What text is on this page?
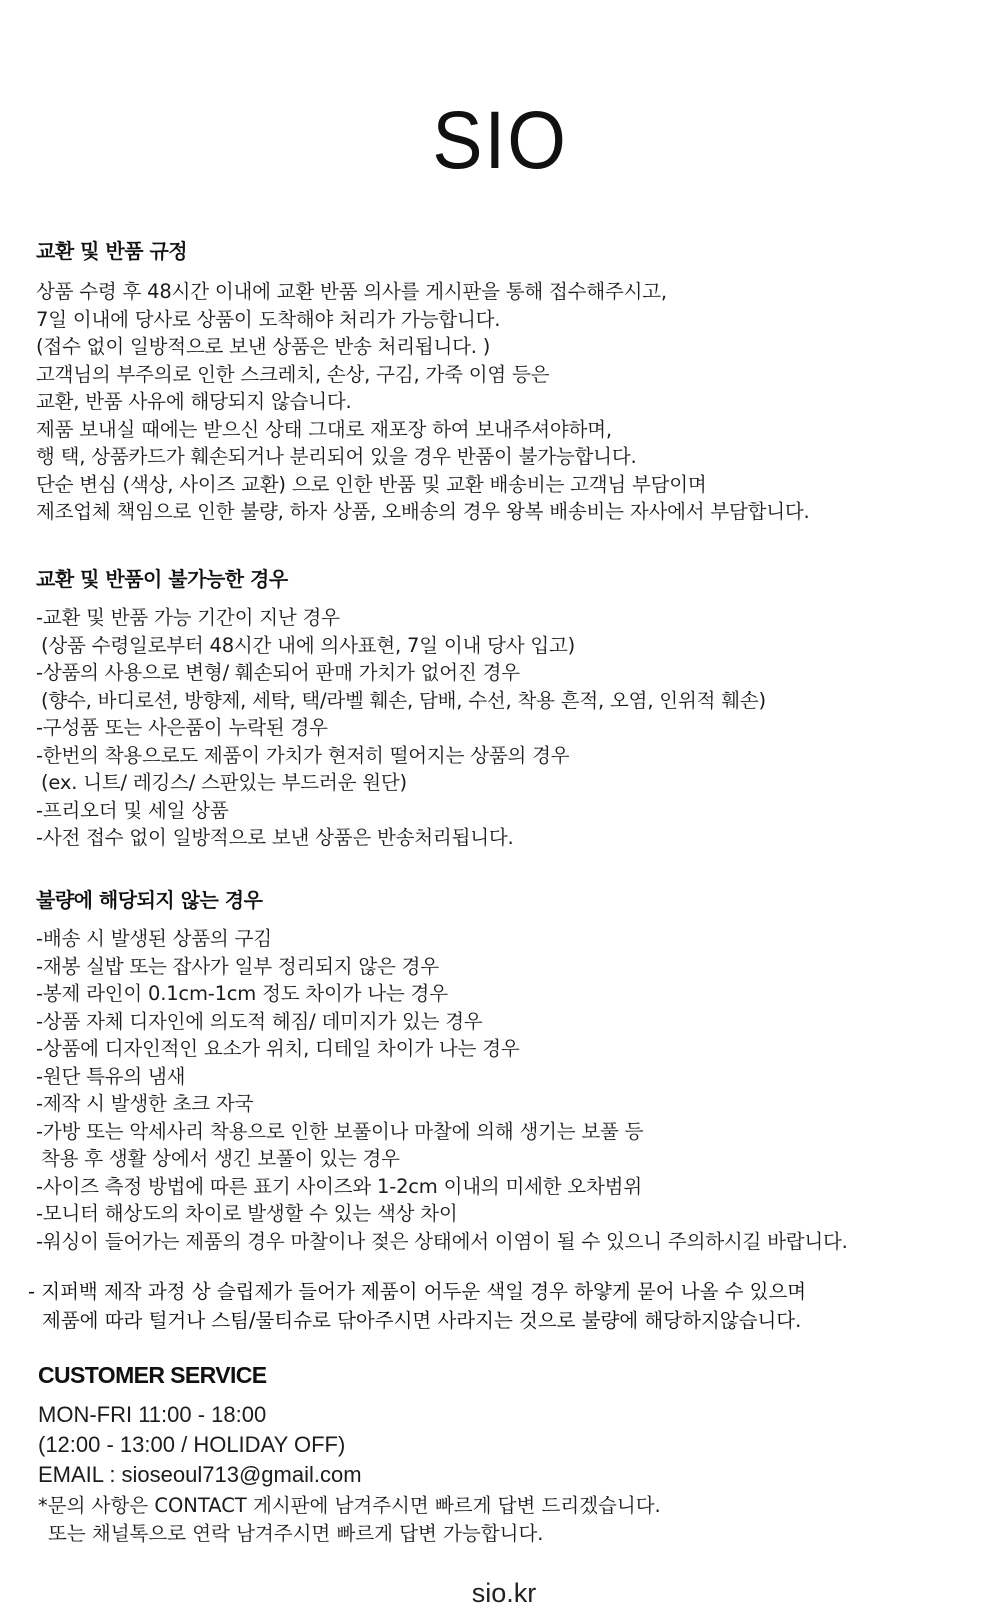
SIO
교환 및 반품 규정
상품 수령 후 48시간 이내에 교환 반품 의사를 게시판을 통해 접수해주시고,
7일 이내에 당사로 상품이 도착해야 처리가 가능합니다.
(접수 없이 일방적으로 보낸 상품은 반송 처리됩니다. )
고객님의 부주의로 인한 스크레치, 손상, 구김, 가죽 이염 등은
교환, 반품 사유에 해당되지 않습니다.
제품 보내실 때에는 받으신 상태 그대로 재포장 하여 보내주셔야하며,
행 택, 상품카드가 훼손되거나 분리되어 있을 경우 반품이 불가능합니다.
단순 변심 (색상, 사이즈 교환) 으로 인한 반품 및 교환 배송비는 고객님 부담이며
제조업체 책임으로 인한 불량, 하자 상품, 오배송의 경우 왕복 배송비는 자사에서 부담합니다.
교환 및 반품이 불가능한 경우
-교환 및 반품 가능 기간이 지난 경우
(상품 수령일로부터 48시간 내에 의사표현, 7일 이내 당사 입고)
-상품의 사용으로 변형/ 훼손되어 판매 가치가 없어진 경우
(향수, 바디로션, 방향제, 세탁, 택/라벨 훼손, 담배, 수선, 착용 흔적, 오염, 인위적 훼손)
-구성품 또는 사은품이 누락된 경우
-한번의 착용으로도 제품이 가치가 현저히 떨어지는 상품의 경우
(ex. 니트/ 레깅스/ 스판있는 부드러운 원단)
-프리오더 및 세일 상품
-사전 접수 없이 일방적으로 보낸 상품은 반송처리됩니다.
불량에 해당되지 않는 경우
-배송 시 발생된 상품의 구김
-재봉 실밥 또는 잡사가 일부 정리되지 않은 경우
-봉제 라인이 0.1cm-1cm 정도 차이가 나는 경우
-상품 자체 디자인에 의도적 헤짐/ 데미지가 있는 경우
-상품에 디자인적인 요소가 위치, 디테일 차이가 나는 경우
-원단 특유의 냄새
-제작 시 발생한 초크 자국
-가방 또는 악세사리 착용으로 인한 보풀이나 마찰에 의해 생기는 보풀 등
착용 후 생활 상에서 생긴 보풀이 있는 경우
-사이즈 측정 방법에 따른 표기 사이즈와 1-2cm 이내의 미세한 오차범위
-모니터 해상도의 차이로 발생할 수 있는 색상 차이
-워싱이 들어가는 제품의 경우 마찰이나 젖은 상태에서 이염이 될 수 있으니 주의하시길 바랍니다.
- 지퍼백 제작 과정 상 슬립제가 들어가 제품이 어두운 색일 경우 하얗게 묻어 나올 수 있으며
제품에 따라 털거나 스팀/물티슈로 닦아주시면 사라지는 것으로 불량에 해당하지않습니다.
CUSTOMER SERVICE
MON-FRI 11:00 - 18:00
(12:00 - 13:00 / HOLIDAY OFF)
EMAIL : sioseoul713@gmail.com
*문의 사항은 CONTACT 게시판에 남겨주시면 빠르게 답변 드리겠습니다.
또는 채널톡으로 연락 남겨주시면 빠르게 답변 가능합니다.
sio.kr
